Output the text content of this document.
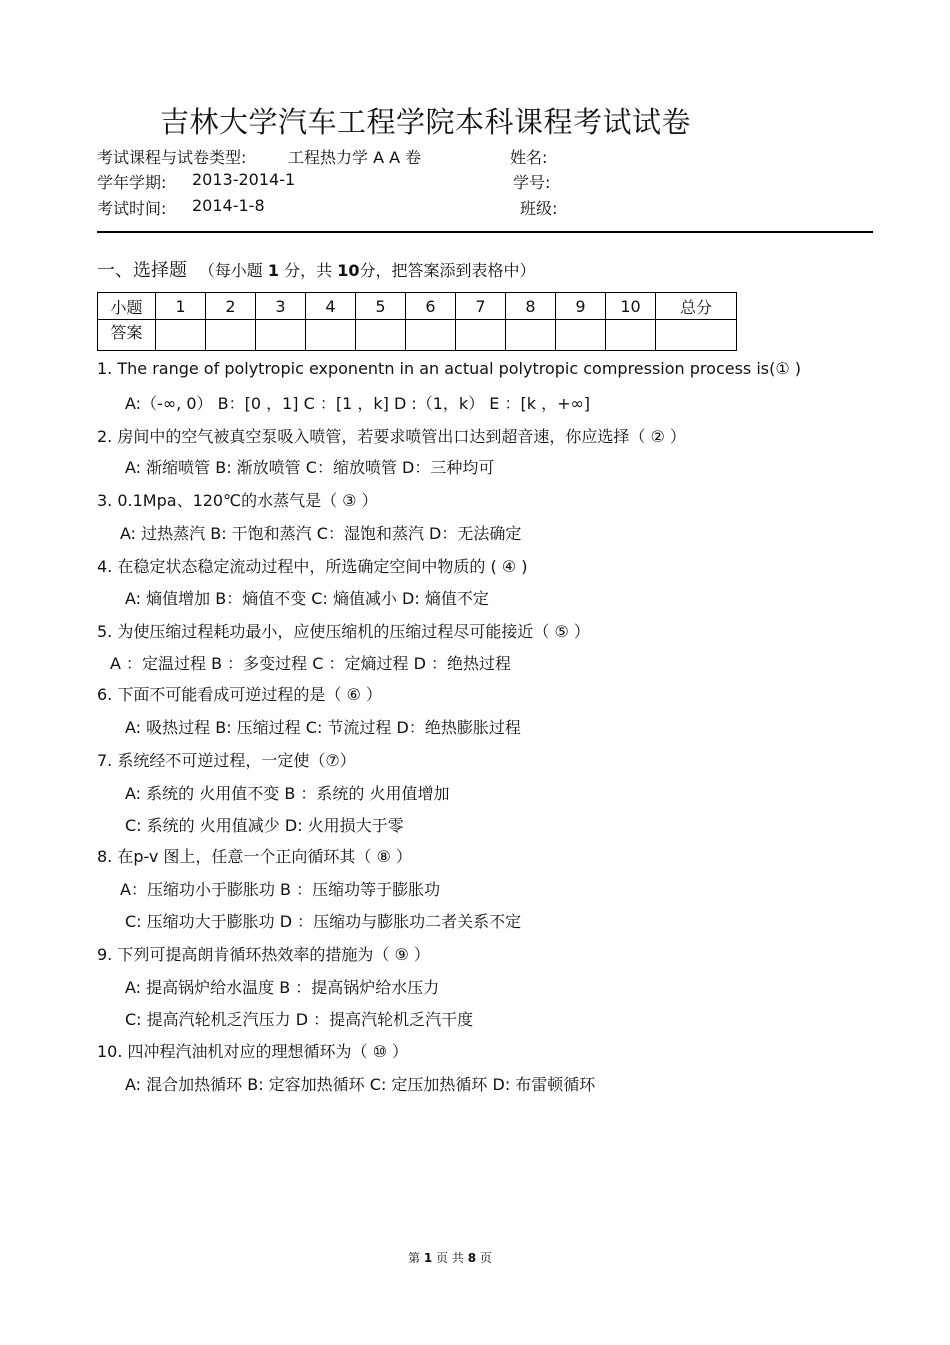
吉林大学汽车工程学院本科课程考试试卷
考试课程与试卷类型:	工程热力学 A A 卷	姓名:
学年学期: 2013-2014-1	学号:
考试时间: 2014-1-8	班级:
一、选择题 （每小题 1 分，共 10分，把答案添到表格中）
小题	1	2	3	4	5	6	7	8	9	10	总分
答案											
1. The range of polytropic exponentn in an actual polytropic compression process is(① )
A:（-∞, 0） B：[0 ，1] C ：[1 ，k] D :（1，k） E ：[k ，+∞]
2. 房间中的空气被真空泵吸入喷管，若要求喷管出口达到超音速，你应选择（ ② ）
A: 渐缩喷管 B: 渐放喷管 C：缩放喷管 D：三种均可
3. 0.1Mpa、120℃的水蒸气是（ ③ ）
A: 过热蒸汽 B: 干饱和蒸汽 C：湿饱和蒸汽 D：无法确定
4. 在稳定状态稳定流动过程中，所选确定空间中物质的 ( ④ )
A: 熵值增加 B：熵值不变 C: 熵值减小 D: 熵值不定
5. 为使压缩过程耗功最小，应使压缩机的压缩过程尽可能接近（ ⑤ ）
A ：定温过程 B ：多变过程 C ：定熵过程 D ：绝热过程
6. 下面不可能看成可逆过程的是（ ⑥ ）
A: 吸热过程 B: 压缩过程 C: 节流过程 D：绝热膨胀过程
7. 系统经不可逆过程，一定使（⑦）
A: 系统的 火用值不变 B ：系统的 火用值增加
C: 系统的 火用值减少 D: 火用损大于零
8. 在p-v 图上，任意一个正向循环其（ ⑧ ）
A：压缩功小于膨胀功 B ：压缩功等于膨胀功
C: 压缩功大于膨胀功 D ：压缩功与膨胀功二者关系不定
9. 下列可提高朗肯循环热效率的措施为（ ⑨ ）
A: 提高锅炉给水温度 B ：提高锅炉给水压力
C: 提高汽轮机乏汽压力 D ：提高汽轮机乏汽干度
10. 四冲程汽油机对应的理想循环为（ ⑩ ）
A: 混合加热循环 B: 定容加热循环 C: 定压加热循环 D: 布雷顿循环
第 1 页 共 8 页
